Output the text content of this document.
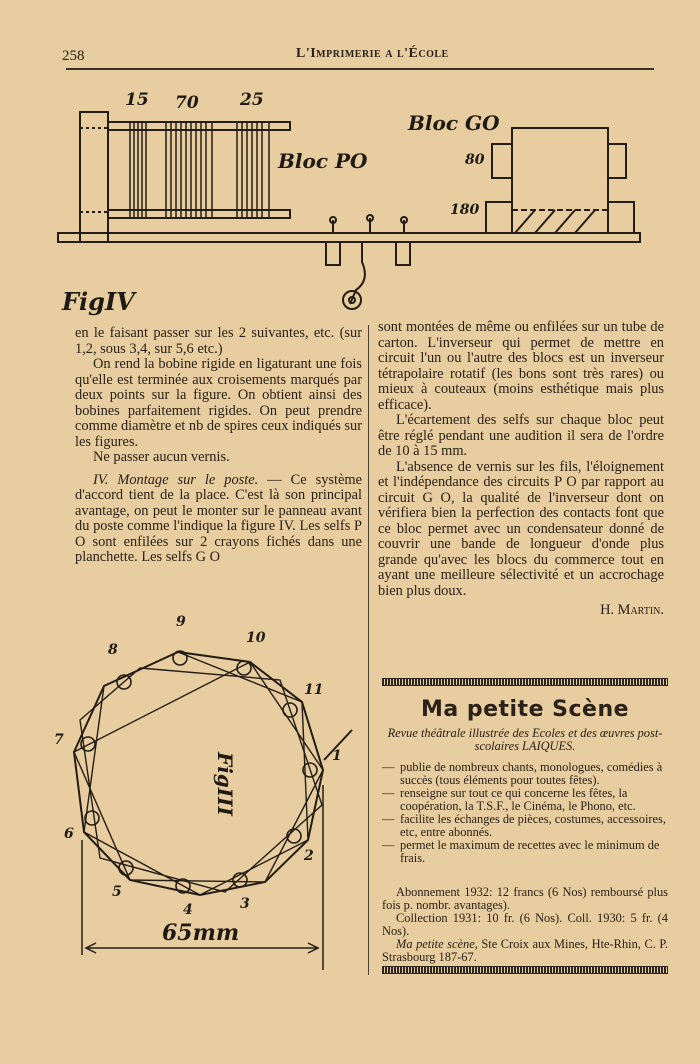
258	L'Imprimerie a l'École
15 70 25
Bloc PO
Bloc GO
80
180
FigIV

en le faisant passer sur les 2 suivantes, etc. (sur 1,2, sous 3,4, sur 5,6 etc.)

On rend la bobine rigide en ligaturant une fois qu'elle est terminée aux croisements marqués par deux points sur la figure. On obtient ainsi des bobines parfaitement rigides. On peut prendre comme diamètre et nb de spires ceux indiqués sur les figures.

Ne passer aucun vernis.

IV. Montage sur le poste. — Ce système d'accord tient de la place. C'est là son principal avantage, on peut le monter sur le panneau avant du poste comme l'indique la figure IV. Les selfs P O sont enfilées sur 2 crayons fichés dans une planchette. Les selfs G O

FigIII
65mm
9
10
11
1
2
3
4
5
6
7
8

sont montées de même ou enfilées sur un tube de carton. L'inverseur qui permet de mettre en circuit l'un ou l'autre des blocs est un inverseur tétrapolaire rotatif (les bons sont très rares) ou mieux à couteaux (moins esthétique mais plus efficace).

L'écartement des selfs sur chaque bloc peut être réglé pendant une audition il sera de l'ordre de 10 à 15 mm.

L'absence de vernis sur les fils, l'éloignement et l'indépendance des circuits P O par rapport au circuit G O, la qualité de l'inverseur dont on vérifiera bien la perfection des contacts font que ce bloc permet avec un condensateur donné de couvrir une bande de longueur d'onde plus grande qu'avec les blocs du commerce tout en ayant une meilleure sélectivité et un accrochage bien plus doux.

H. Martin.

Ma petite Scène
Revue théâtrale illustrée des Ecoles et des œuvres post-scolaires LAIQUES.
— publie de nombreux chants, monologues, comédies à succès (tous éléments pour toutes fêtes).
— renseigne sur tout ce qui concerne les fêtes, la coopération, la T.S.F., le Cinéma, le Phono, etc.
— facilite les échanges de pièces, costumes, accessoires, etc, entre abonnés.
— permet le maximum de recettes avec le minimum de frais.

Abonnement 1932: 12 francs (6 Nos) remboursé plus fois p. nombr. avantages).

Collection 1931: 10 fr. (6 Nos). Coll. 1930: 5 fr. (4 Nos).

Ma petite scène, Ste Croix aux Mines, Hte-Rhin, C. P. Strasbourg 187-67.
